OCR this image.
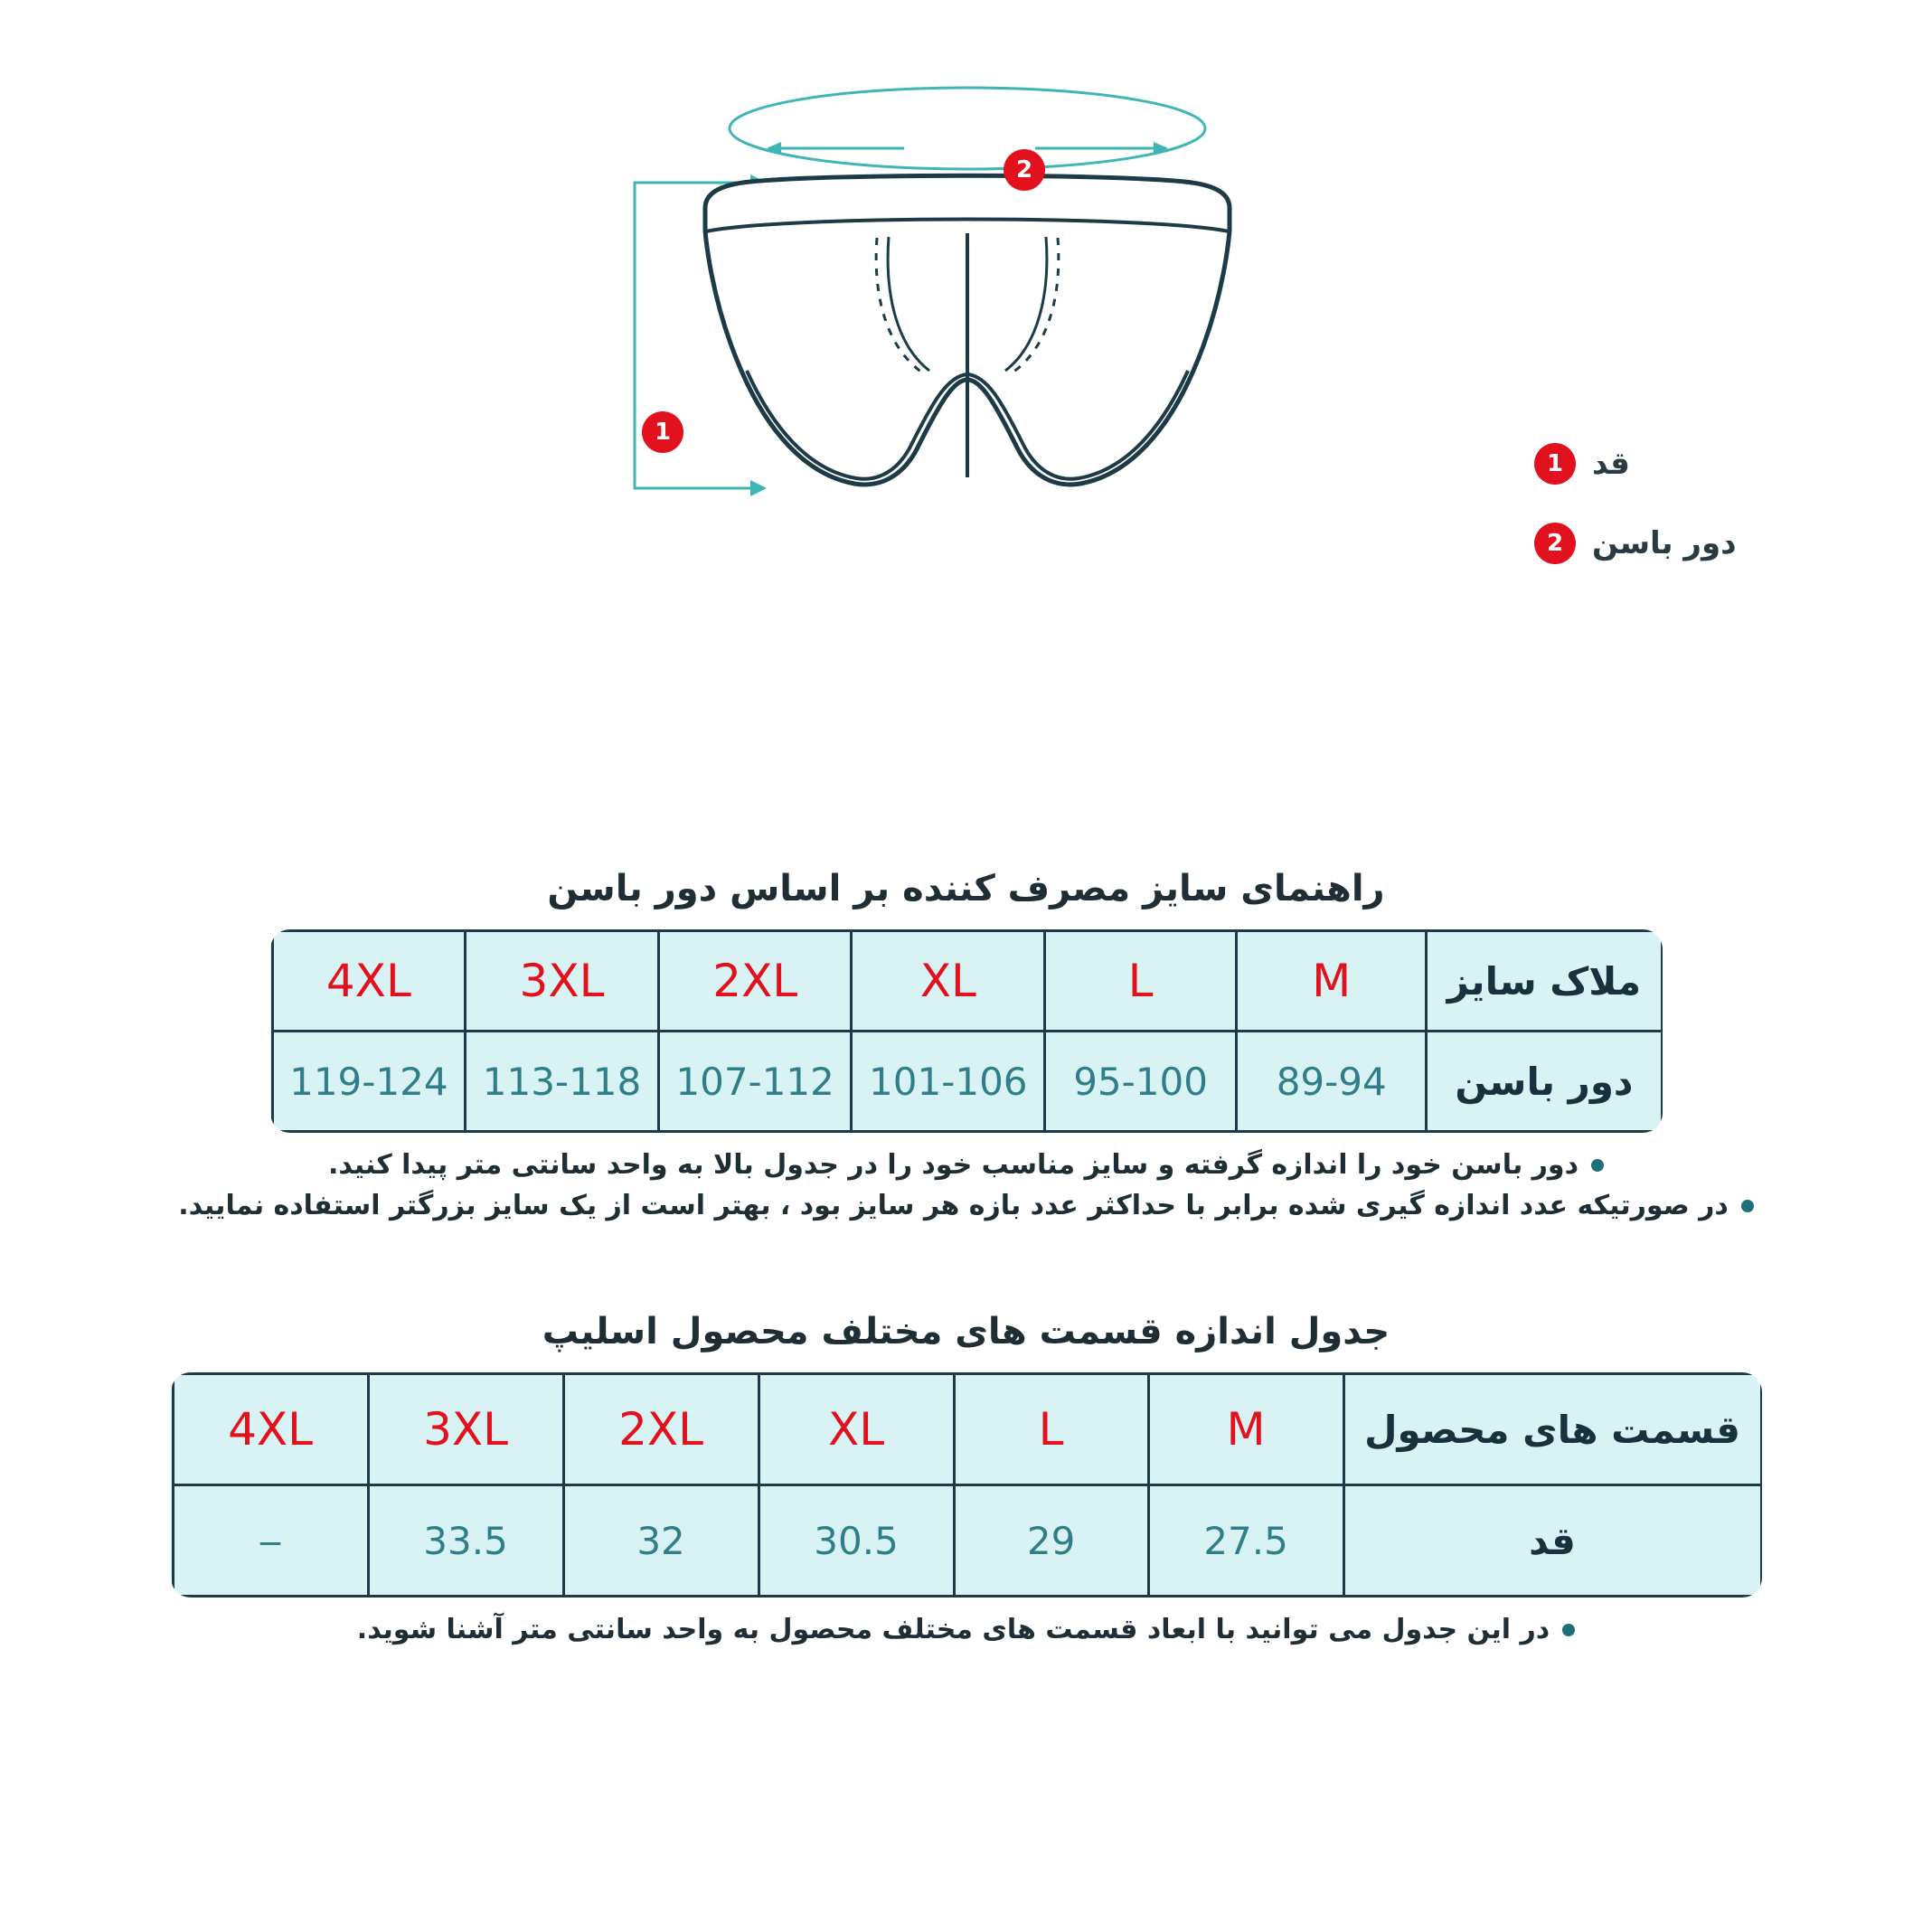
2
1
1 قد
2 دور باسن
راهنمای سایز مصرف کننده بر اساس دور باسن
ملاک سایز	M	L	XL	2XL	3XL	4XL
دور باسن	89-94	95-100	101-106	107-112	113-118	119-124
دور باسن خود را اندازه گرفته و سایز مناسب خود را در جدول بالا به واحد سانتی متر پیدا کنید.
در صورتیکه عدد اندازه گیری شده برابر با حداکثر عدد بازه هر سایز بود ، بهتر است از یک سایز بزرگتر استفاده نمایید.
جدول اندازه قسمت های مختلف محصول اسلیپ
قسمت های محصول	M	L	XL	2XL	3XL	4XL
قد	27.5	29	30.5	32	33.5	‒
در این جدول می توانید با ابعاد قسمت های مختلف محصول به واحد سانتی متر آشنا شوید.
